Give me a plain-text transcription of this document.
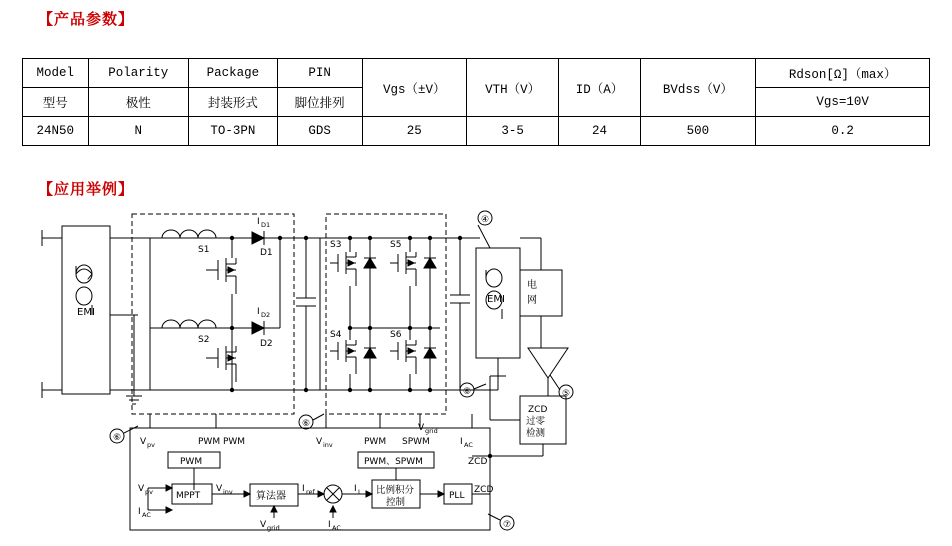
【产品参数】
Model	Polarity	Package	PIN	Vgs（±V）	VTH（V）	ID（A）	BVdss（V）	Rdson[Ω]（max）
型号	极性	封装形式	脚位排列					Vgs=10V
24N50	N	TO-3PN	GDS	25	3-5	24	500	0.2
【应用举例】
EMI
EMI
电
网
I D1
D1
I D2
D2
S1
S2
S3	S5
S4	S6
④
⑤
⑥
⑥
⑥
⑦
V pv	PWM PWM	V inv	PWM SPWM	I AC
V grid
PWM	PWM、SPWM
V pv
I AC
MPPT
V inv 算法器
V grid
I ref
I AC
I L 比例积分
控制
PLL
ZCD
ZCD
ZCD
过零
检测
